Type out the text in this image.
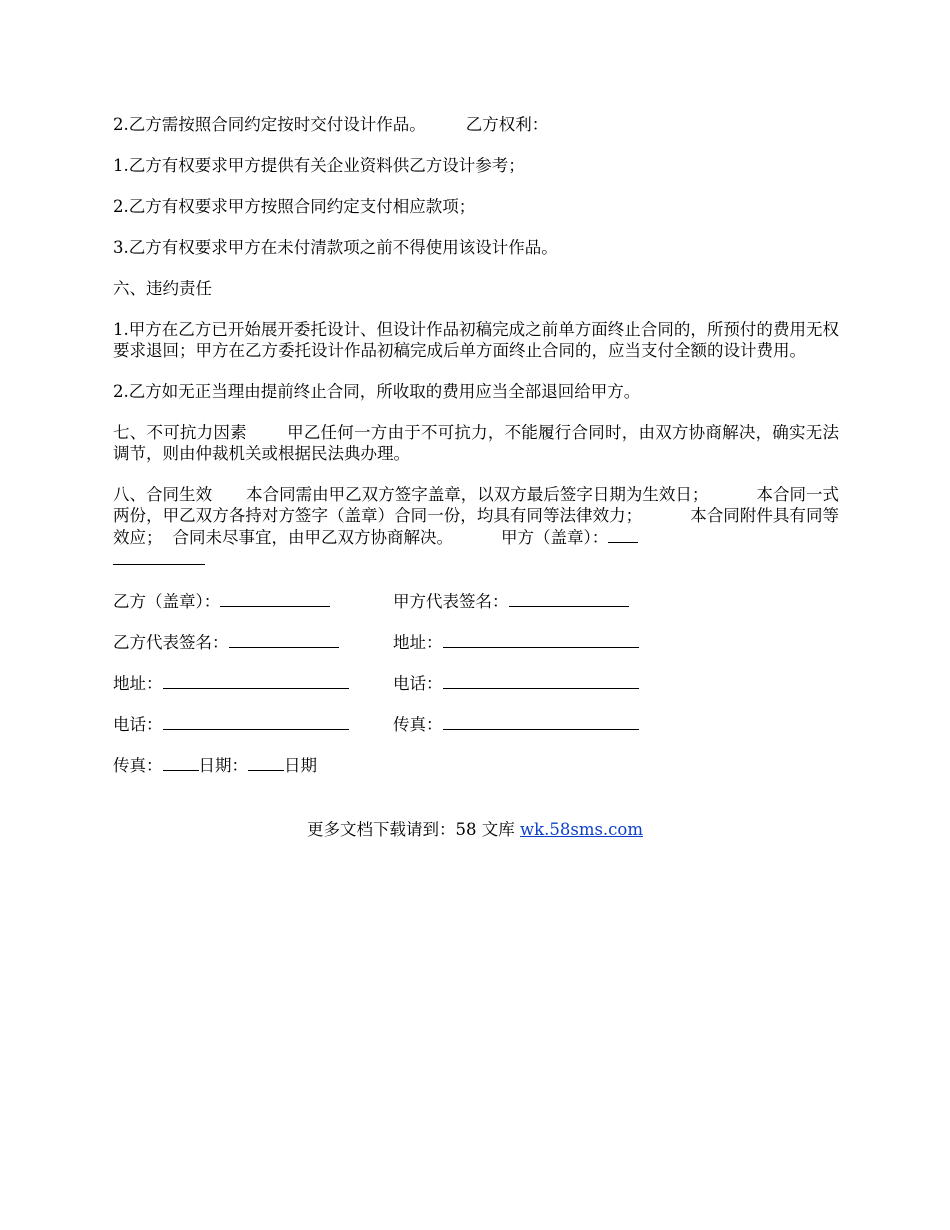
2.乙方需按照合同约定按时交付设计作品。 乙方权利：

1.乙方有权要求甲方提供有关企业资料供乙方设计参考；

2.乙方有权要求甲方按照合同约定支付相应款项；

3.乙方有权要求甲方在未付清款项之前不得使用该设计作品。

六、违约责任

1.甲方在乙方已开始展开委托设计、但设计作品初稿完成之前单方面终止合同的，所预付的费用无权要求退回；甲方在乙方委托设计作品初稿完成后单方面终止合同的，应当支付全额的设计费用。

2.乙方如无正当理由提前终止合同，所收取的费用应当全部退回给甲方。

七、不可抗力因素 甲乙任何一方由于不可抗力，不能履行合同时，由双方协商解决，确实无法调节，则由仲裁机关或根据民法典办理。

八、合同生效 本合同需由甲乙双方签字盖章，以双方最后签字日期为生效日；	本合同一式两份，甲乙双方各持对方签字（盖章）合同一份，均具有同等法律效力；	本合同附件具有同等效应； 合同未尽事宜，由甲乙双方协商解决。	甲方（盖章）：

乙方（盖章）：	甲方代表签名：
乙方代表签名：	地址：
地址：	电话：
电话：	传真：
传真： 日期： 日期
更多文档下载请到：58 文库 wk.58sms.com
